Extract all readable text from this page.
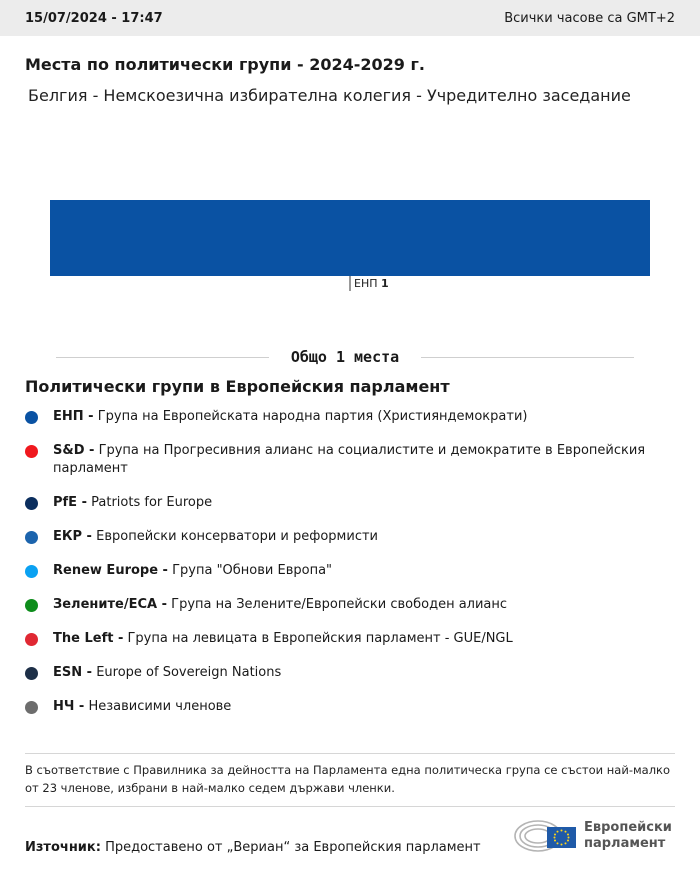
15/07/2024 - 17:47	Всички часове са GMT+2
Места по политически групи - 2024-2029 г.
Белгия - Немскоезична избирателна колегия - Учредително заседание
ЕНП 1
Общо 1 места
Политически групи в Европейския парламент
ЕНП - Група на Европейската народна партия (Християндемократи)
S&D - Група на Прогресивния алианс на социалистите и демократите в Европейския парламент
PfE - Patriots for Europe
ЕКР - Европейски консерватори и реформисти
Renew Europe - Група "Обнови Европа"
Зелените/ЕСА - Група на Зелените/Европейски свободен алианс
The Left - Група на левицата в Европейския парламент - GUE/NGL
ESN - Europe of Sovereign Nations
НЧ - Независими членове
В съответствие с Правилника за дейността на Парламента една политическа група се състои най-малко от 23 членове, избрани в най-малко седем държави членки.
Източник: Предоставено от „Вериан“ за Европейския парламент
Европейски
парламент
